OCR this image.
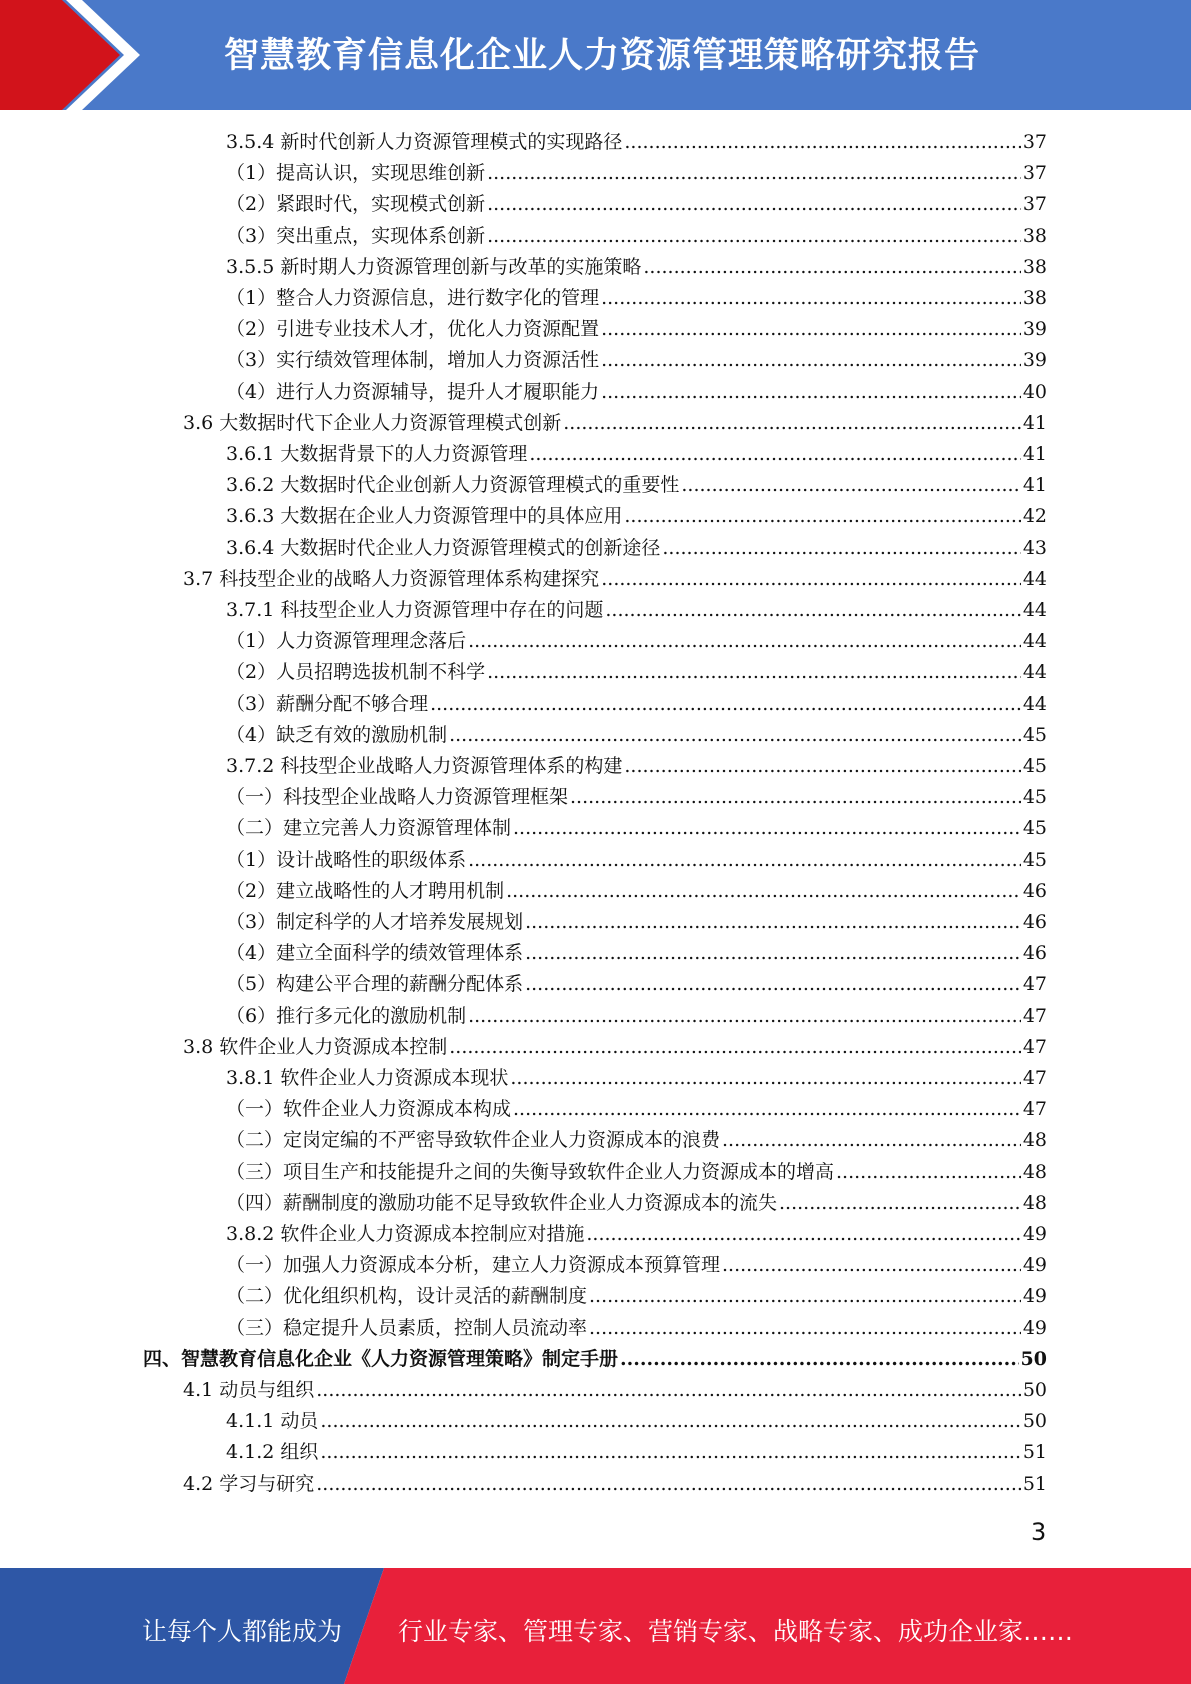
智慧教育信息化企业人力资源管理策略研究报告
3.5.4 新时代创新人力资源管理模式的实现路径 .....	37
（1）提高认识，实现思维创新 .....	37
（2）紧跟时代，实现模式创新 .....	37
（3）突出重点，实现体系创新 .....	38
3.5.5 新时期人力资源管理创新与改革的实施策略 .....	38
（1）整合人力资源信息，进行数字化的管理 .....	38
（2）引进专业技术人才，优化人力资源配置 .....	39
（3）实行绩效管理体制，增加人力资源活性 .....	39
（4）进行人力资源辅导，提升人才履职能力 .....	40
3.6 大数据时代下企业人力资源管理模式创新 .....	41
3.6.1 大数据背景下的人力资源管理 .....	41
3.6.2 大数据时代企业创新人力资源管理模式的重要性 .....	41
3.6.3 大数据在企业人力资源管理中的具体应用 .....	42
3.6.4 大数据时代企业人力资源管理模式的创新途径 .....	43
3.7 科技型企业的战略人力资源管理体系构建探究 .....	44
3.7.1 科技型企业人力资源管理中存在的问题 .....	44
（1）人力资源管理理念落后 .....	44
（2）人员招聘选拔机制不科学 .....	44
（3）薪酬分配不够合理 .....	44
（4）缺乏有效的激励机制 .....	45
3.7.2 科技型企业战略人力资源管理体系的构建 .....	45
（一）科技型企业战略人力资源管理框架 .....	45
（二）建立完善人力资源管理体制 .....	45
（1）设计战略性的职级体系 .....	45
（2）建立战略性的人才聘用机制 .....	46
（3）制定科学的人才培养发展规划 .....	46
（4）建立全面科学的绩效管理体系 .....	46
（5）构建公平合理的薪酬分配体系 .....	47
（6）推行多元化的激励机制 .....	47
3.8 软件企业人力资源成本控制 .....	47
3.8.1 软件企业人力资源成本现状 .....	47
（一）软件企业人力资源成本构成 .....	47
（二）定岗定编的不严密导致软件企业人力资源成本的浪费 .....	48
（三）项目生产和技能提升之间的失衡导致软件企业人力资源成本的增高 .....	48
（四）薪酬制度的激励功能不足导致软件企业人力资源成本的流失 .....	48
3.8.2 软件企业人力资源成本控制应对措施 .....	49
（一）加强人力资源成本分析，建立人力资源成本预算管理 .....	49
（二）优化组织机构，设计灵活的薪酬制度 .....	49
（三）稳定提升人员素质，控制人员流动率 .....	49
四、智慧教育信息化企业《人力资源管理策略》制定手册 .....	50
4.1 动员与组织 .....	50
4.1.1 动员 .....	50
4.1.2 组织 .....	51
4.2 学习与研究 .....	51
3
让每个人都能成为 行业专家、管理专家、营销专家、战略专家、成功企业家……
